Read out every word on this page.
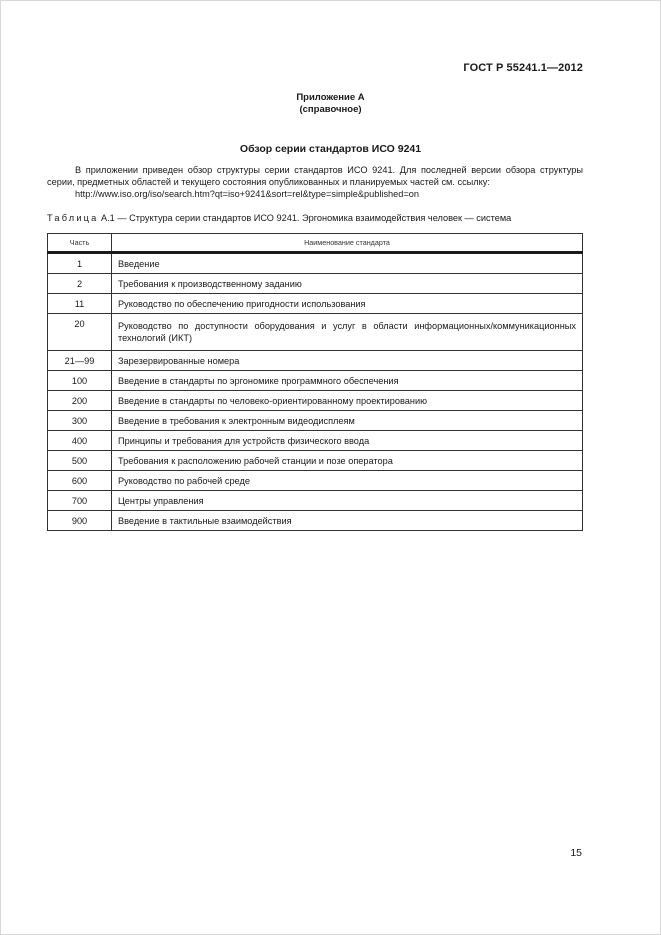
ГОСТ Р 55241.1—2012
Приложение А
(справочное)
Обзор серии стандартов ИСО 9241
В приложении приведен обзор структуры серии стандартов ИСО 9241. Для последней версии обзора структуры серии, предметных областей и текущего состояния опубликованных и планируемых частей см. ссылку:
http://www.iso.org/iso/search.htm?qt=iso+9241&sort=rel&type=simple&published=on
Таблица А.1 — Структура серии стандартов ИСО 9241. Эргономика взаимодействия человек — система
Часть	Наименование стандарта
1	Введение
2	Требования к производственному заданию
11	Руководство по обеспечению пригодности использования
20	Руководство по доступности оборудования и услуг в области информационных/коммуникационных технологий (ИКТ)
21—99	Зарезервированные номера
100	Введение в стандарты по эргономике программного обеспечения
200	Введение в стандарты по человеко-ориентированному проектированию
300	Введение в требования к электронным видеодисплеям
400	Принципы и требования для устройств физического ввода
500	Требования к расположению рабочей станции и позе оператора
600	Руководство по рабочей среде
700	Центры управления
900	Введение в тактильные взаимодействия
15
